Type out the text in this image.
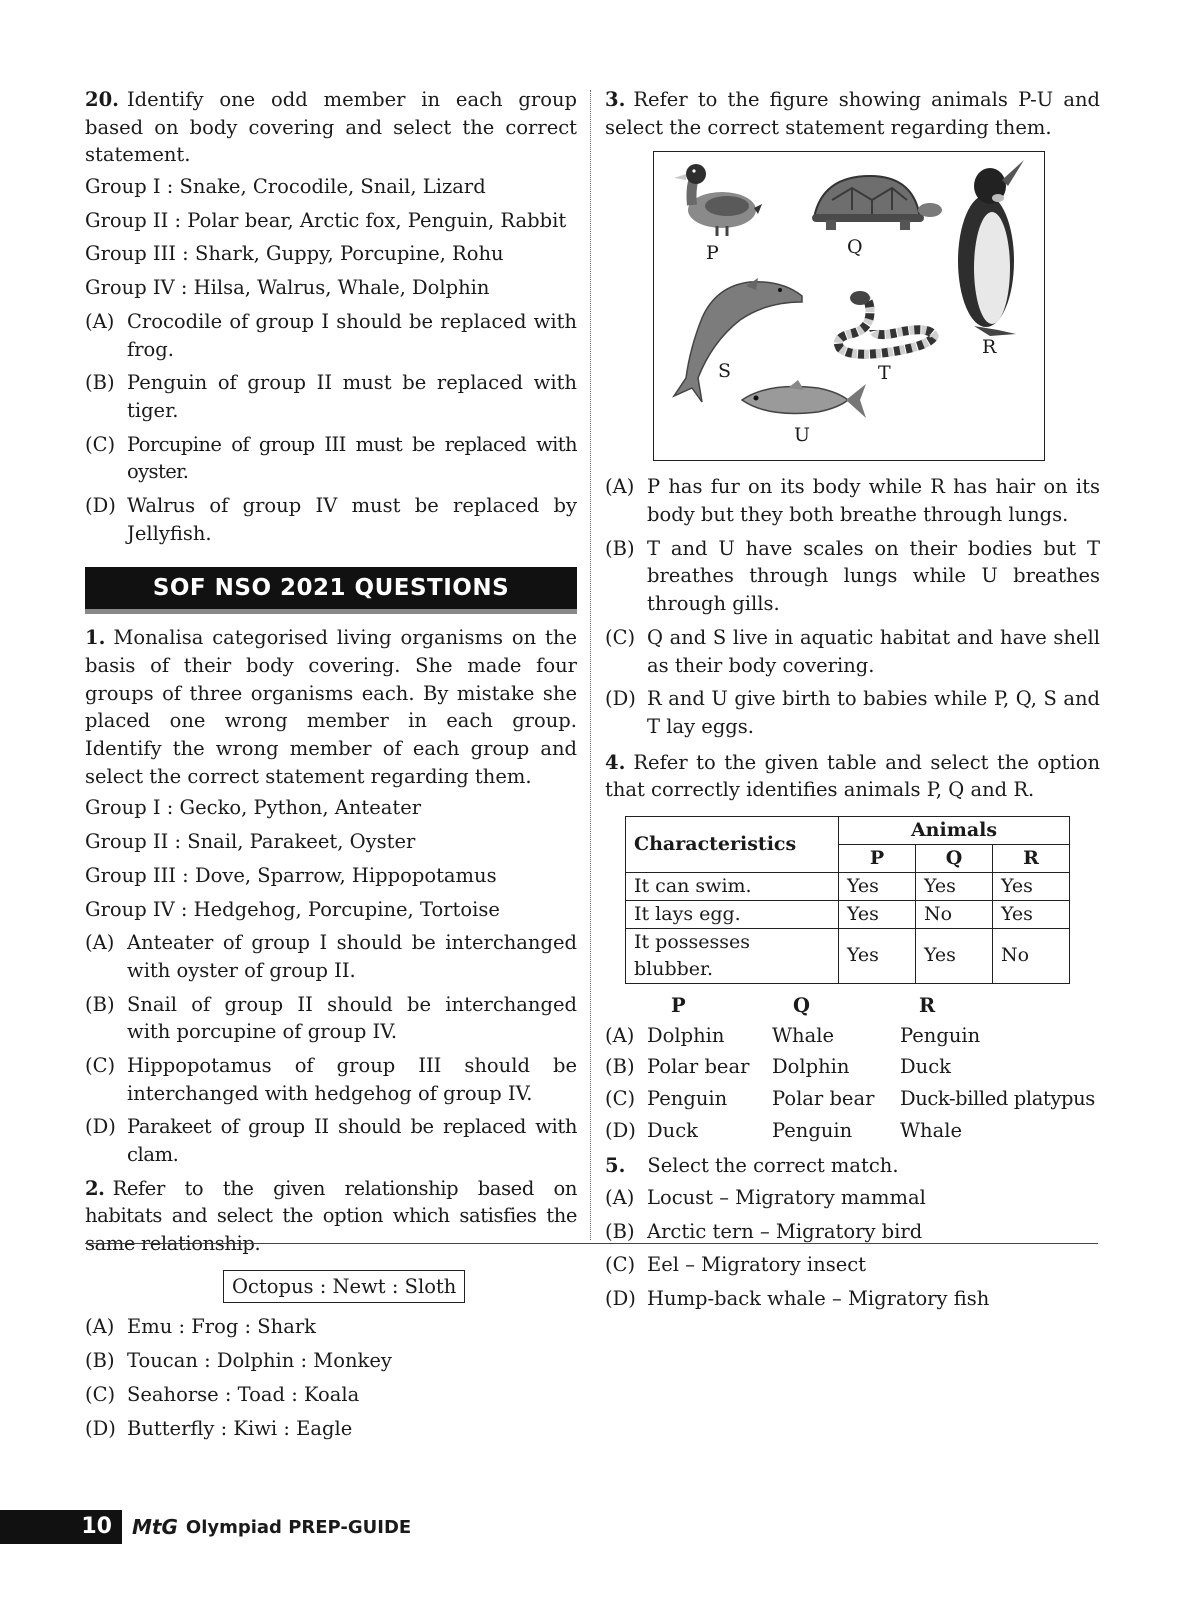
20. Identify one odd member in each group based on body covering and select the correct statement.

Group I : Snake, Crocodile, Snail, Lizard
Group II : Polar bear, Arctic fox, Penguin, Rabbit
Group III : Shark, Guppy, Porcupine, Rohu
Group IV : Hilsa, Walrus, Whale, Dolphin
(A) Crocodile of group I should be replaced with frog.
(B) Penguin of group II must be replaced with tiger.
(C) Porcupine of group III must be replaced with oyster.
(D) Walrus of group IV must be replaced by Jellyfish.
SOF NSO 2021 QUESTIONS

1. Monalisa categorised living organisms on the basis of their body covering. She made four groups of three organisms each. By mistake she placed one wrong member in each group. Identify the wrong member of each group and select the correct statement regarding them.

Group I : Gecko, Python, Anteater
Group II : Snail, Parakeet, Oyster
Group III : Dove, Sparrow, Hippopotamus
Group IV : Hedgehog, Porcupine, Tortoise
(A) Anteater of group I should be interchanged with oyster of group II.
(B) Snail of group II should be interchanged with porcupine of group IV.
(C) Hippopotamus of group III should be interchanged with hedgehog of group IV.
(D) Parakeet of group II should be replaced with clam.

2. Refer to the given relationship based on habitats and select the option which satisfies the same relationship.

Octopus : Newt : Sloth
(A) Emu : Frog : Shark
(B) Toucan : Dolphin : Monkey
(C) Seahorse : Toad : Koala
(D) Butterfly : Kiwi : Eagle

3. Refer to the figure showing animals P-U and select the correct statement regarding them.

P	Q
R
S	T
U
(A) P has fur on its body while R has hair on its body but they both breathe through lungs.
(B) T and U have scales on their bodies but T breathes through lungs while U breathes through gills.
(C) Q and S live in aquatic habitat and have shell as their body covering.
(D) R and U give birth to babies while P, Q, S and T lay eggs.

4. Refer to the given table and select the option that correctly identifies animals P, Q and R.

Characteristics	Animals		
	P	Q	R
It can swim.	Yes	Yes	Yes
It lays egg.	Yes	No	Yes
It possesses blubber.	Yes	Yes	No
P	Q	R
(A) Dolphin	Whale	Penguin
(B) Polar bear	Dolphin	Duck
(C) Penguin	Polar bear	Duck-billed platypus
(D) Duck	Penguin	Whale

5. Select the correct match.

(A) Locust – Migratory mammal
(B) Arctic tern – Migratory bird
(C) Eel – Migratory insect
(D) Hump-back whale – Migratory fish
10	MtG Olympiad PREP-GUIDE
